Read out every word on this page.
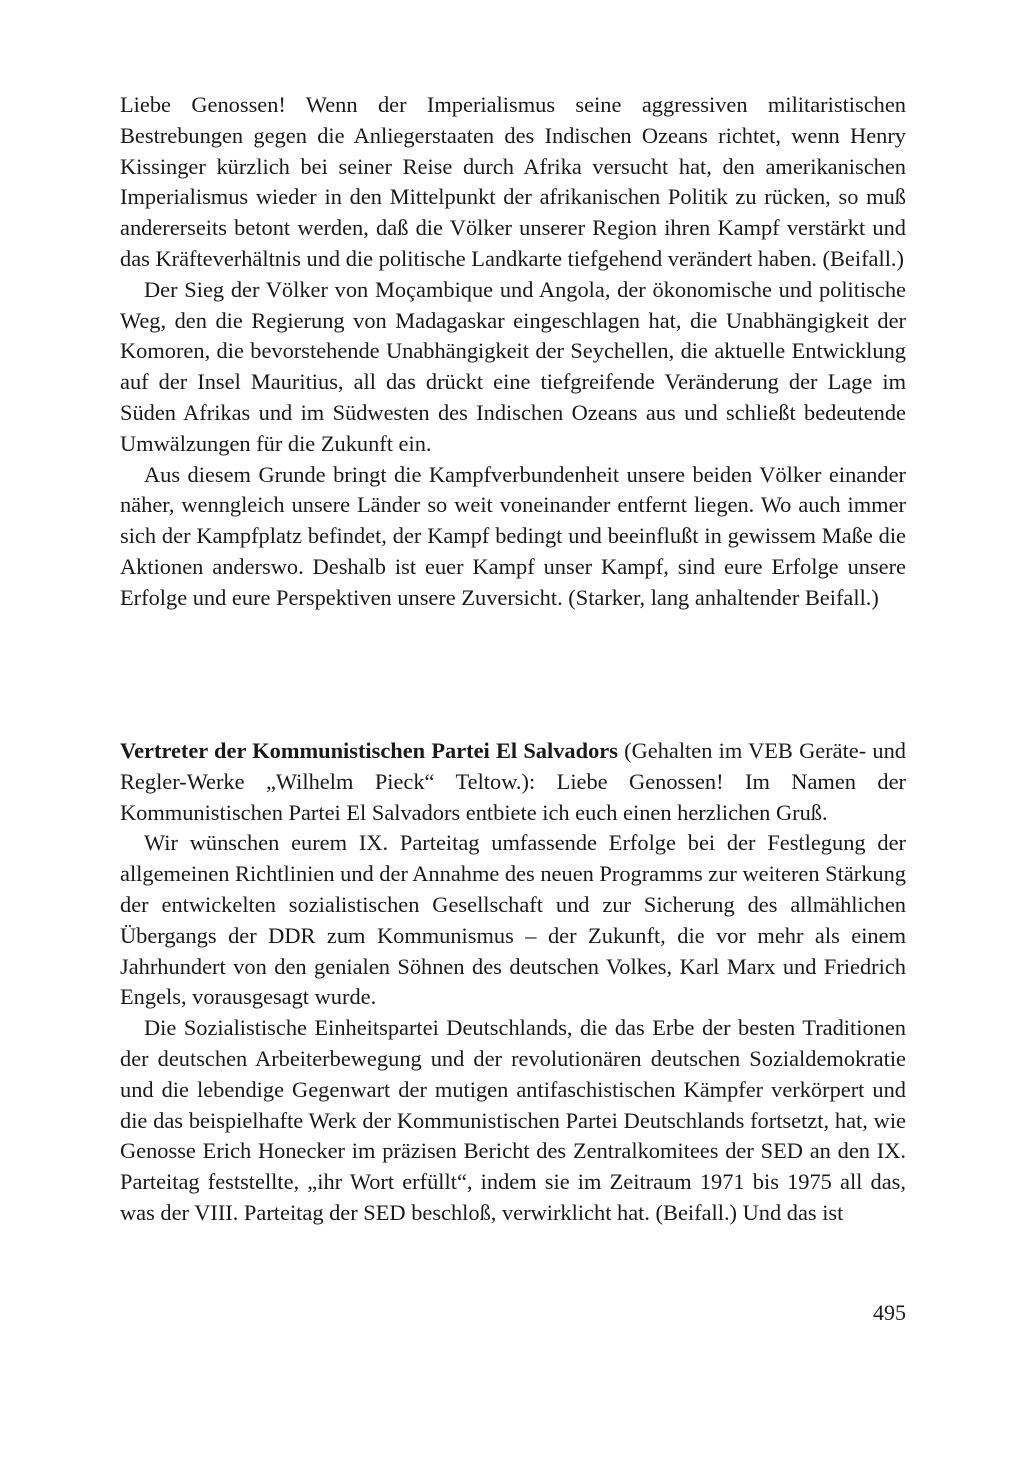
Liebe Genossen! Wenn der Imperialismus seine aggressiven militaristischen Bestrebungen gegen die Anliegerstaaten des Indischen Ozeans richtet, wenn Henry Kissinger kürzlich bei seiner Reise durch Afrika versucht hat, den amerikanischen Imperialismus wieder in den Mittelpunkt der afrikanischen Politik zu rücken, so muß andererseits betont werden, daß die Völker unserer Region ihren Kampf verstärkt und das Kräfteverhältnis und die politische Landkarte tiefgehend verändert haben. (Beifall.)

Der Sieg der Völker von Moçambique und Angola, der ökonomische und politische Weg, den die Regierung von Madagaskar eingeschlagen hat, die Unabhängigkeit der Komoren, die bevorstehende Unabhängigkeit der Seychellen, die aktuelle Entwicklung auf der Insel Mauritius, all das drückt eine tiefgreifende Veränderung der Lage im Süden Afrikas und im Südwesten des Indischen Ozeans aus und schließt bedeutende Umwälzungen für die Zukunft ein.

Aus diesem Grunde bringt die Kampfverbundenheit unsere beiden Völker einander näher, wenngleich unsere Länder so weit voneinander entfernt liegen. Wo auch immer sich der Kampfplatz befindet, der Kampf bedingt und beeinflußt in gewissem Maße die Aktionen anderswo. Deshalb ist euer Kampf unser Kampf, sind eure Erfolge unsere Erfolge und eure Perspektiven unsere Zuversicht. (Starker, lang anhaltender Beifall.)

Vertreter der Kommunistischen Partei El Salvadors (Gehalten im VEB Geräte- und Regler-Werke „Wilhelm Pieck“ Teltow.): Liebe Genossen! Im Namen der Kommunistischen Partei El Salvadors entbiete ich euch einen herzlichen Gruß.

Wir wünschen eurem IX. Parteitag umfassende Erfolge bei der Festlegung der allgemeinen Richtlinien und der Annahme des neuen Programms zur weiteren Stärkung der entwickelten sozialistischen Gesellschaft und zur Sicherung des allmählichen Übergangs der DDR zum Kommunismus – der Zukunft, die vor mehr als einem Jahrhundert von den genialen Söhnen des deutschen Volkes, Karl Marx und Friedrich Engels, vorausgesagt wurde.

Die Sozialistische Einheitspartei Deutschlands, die das Erbe der besten Traditionen der deutschen Arbeiterbewegung und der revolutionären deutschen Sozialdemokratie und die lebendige Gegenwart der mutigen antifaschistischen Kämpfer verkörpert und die das beispielhafte Werk der Kommunistischen Partei Deutschlands fortsetzt, hat, wie Genosse Erich Honecker im präzisen Bericht des Zentralkomitees der SED an den IX. Parteitag feststellte, „ihr Wort erfüllt“, indem sie im Zeitraum 1971 bis 1975 all das, was der VIII. Parteitag der SED beschloß, verwirklicht hat. (Beifall.) Und das ist

495
